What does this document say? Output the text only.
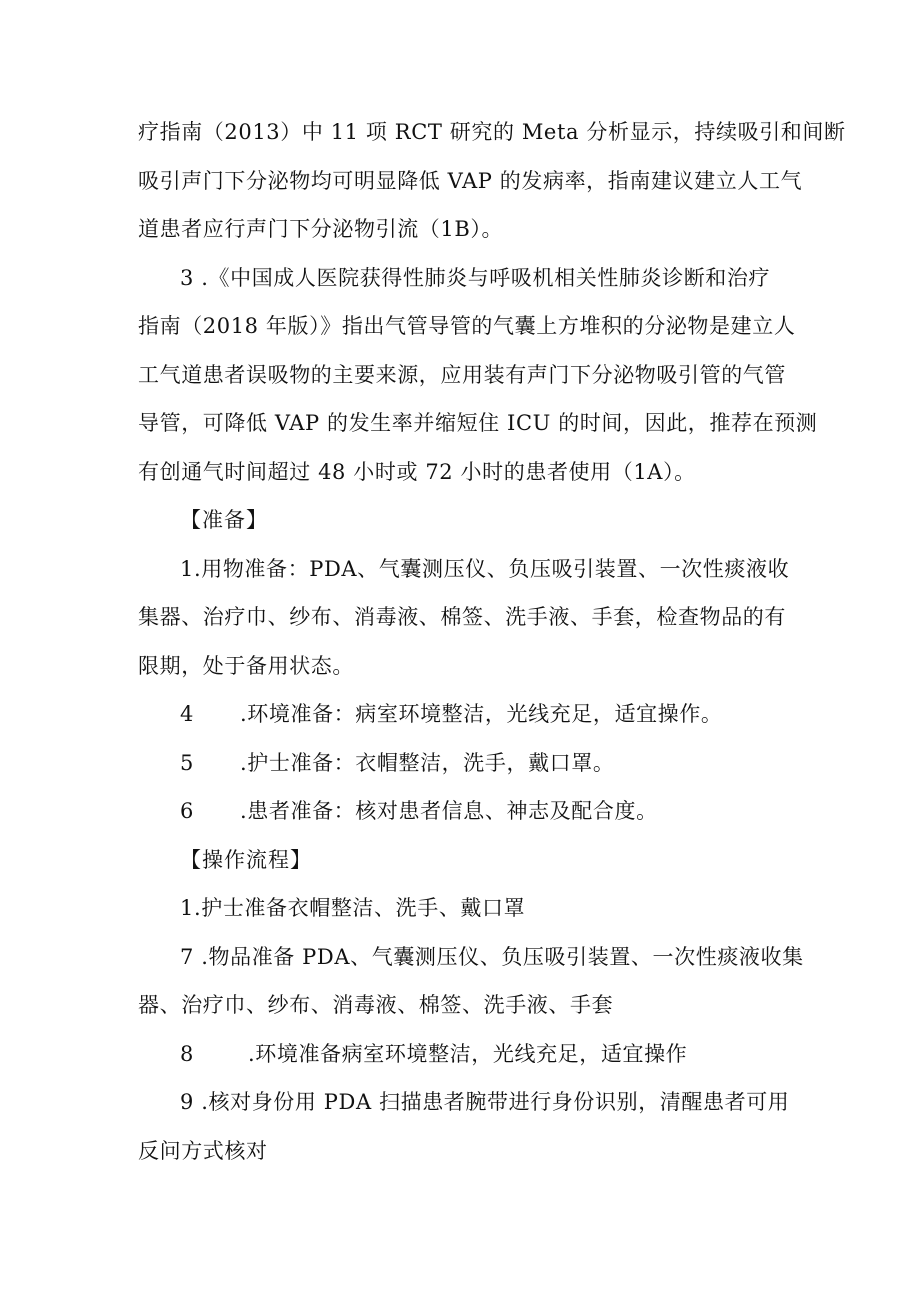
疗指南（2013）中 11 项 RCT 研究的 Meta 分析显示，持续吸引和间断
吸引声门下分泌物均可明显降低 VAP 的发病率，指南建议建立人工气
道患者应行声门下分泌物引流（1B）。
3 .《中国成人医院获得性肺炎与呼吸机相关性肺炎诊断和治疗
指南（2018 年版）》指出气管导管的气囊上方堆积的分泌物是建立人
工气道患者误吸物的主要来源，应用装有声门下分泌物吸引管的气管
导管，可降低 VAP 的发生率并缩短住 ICU 的时间，因此，推荐在预测
有创通气时间超过 48 小时或 72 小时的患者使用（1A）。
【准备】
1.用物准备：PDA、气囊测压仪、负压吸引装置、一次性痰液收
集器、治疗巾、纱布、消毒液、棉签、洗手液、手套，检查物品的有
限期，处于备用状态。
4 .环境准备：病室环境整洁，光线充足，适宜操作。
5 .护士准备：衣帽整洁，洗手，戴口罩。
6 .患者准备：核对患者信息、神志及配合度。
【操作流程】
1.护士准备衣帽整洁、洗手、戴口罩
7 .物品准备 PDA、气囊测压仪、负压吸引装置、一次性痰液收集
器、治疗巾、纱布、消毒液、棉签、洗手液、手套
8	.环境准备病室环境整洁，光线充足，适宜操作
9 .核对身份用 PDA 扫描患者腕带进行身份识别，清醒患者可用
反问方式核对
